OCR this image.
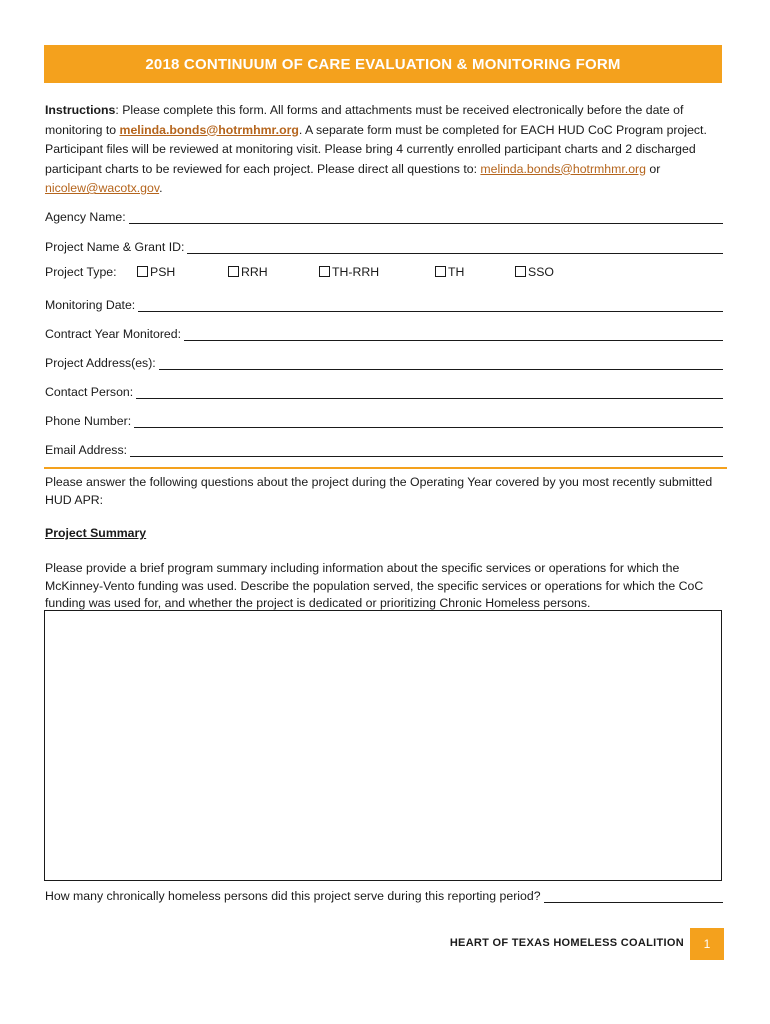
2018 CONTINUUM OF CARE EVALUATION & MONITORING FORM
Instructions: Please complete this form. All forms and attachments must be received electronically before the date of monitoring to melinda.bonds@hotrmhmr.org. A separate form must be completed for EACH HUD CoC Program project. Participant files will be reviewed at monitoring visit. Please bring 4 currently enrolled participant charts and 2 discharged participant charts to be reviewed for each project. Please direct all questions to: melinda.bonds@hotrmhmr.org or nicolew@wacotx.gov.
Agency Name:
Project Name & Grant ID:
Project Type:	PSH	RRH	TH-RRH	TH	SSO
Monitoring Date:
Contract Year Monitored:
Project Address(es):
Contact Person:
Phone Number:
Email Address:
Please answer the following questions about the project during the Operating Year covered by you most recently submitted HUD APR:
Project Summary
Please provide a brief program summary including information about the specific services or operations for which the McKinney-Vento funding was used. Describe the population served, the specific services or operations for which the CoC funding was used for, and whether the project is dedicated or prioritizing Chronic Homeless persons.
How many chronically homeless persons did this project serve during this reporting period?
HEART OF TEXAS HOMELESS COALITION	1
